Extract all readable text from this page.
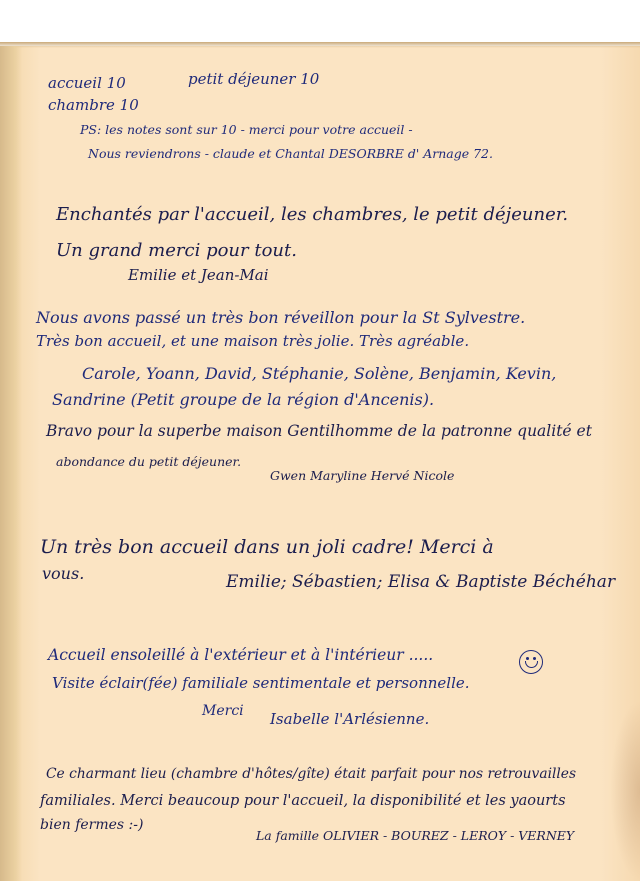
accueil 10	petit déjeuner 10

chambre 10

PS: les notes sont sur 10 - merci pour votre accueil -

Nous reviendrons - claude et Chantal DESORBRE d' Arnage 72.

Enchantés par l'accueil, les chambres, le petit déjeuner.

Un grand merci pour tout.

Emilie et Jean-Mai

Nous avons passé un très bon réveillon pour la St Sylvestre.

Très bon accueil, et une maison très jolie. Très agréable.

Carole, Yoann, David, Stéphanie, Solène, Benjamin, Kevin,

Sandrine (Petit groupe de la région d'Ancenis).

Bravo pour la superbe maison Gentilhomme de la patronne qualité et

abondance du petit déjeuner.

Gwen Maryline Hervé Nicole

Un très bon accueil dans un joli cadre! Merci à

vous.	Emilie; Sébastien; Elisa & Baptiste Béchéhar

Accueil ensoleillé à l'extérieur et à l'intérieur .....

Visite éclair(fée) familiale sentimentale et personnelle.

Merci Isabelle l'Arlésienne.

Ce charmant lieu (chambre d'hôtes/gîte) était parfait pour nos retrouvailles

familiales. Merci beaucoup pour l'accueil, la disponibilité et les yaourts

bien fermes :-)

La famille OLIVIER - BOUREZ - LEROY - VERNEY
